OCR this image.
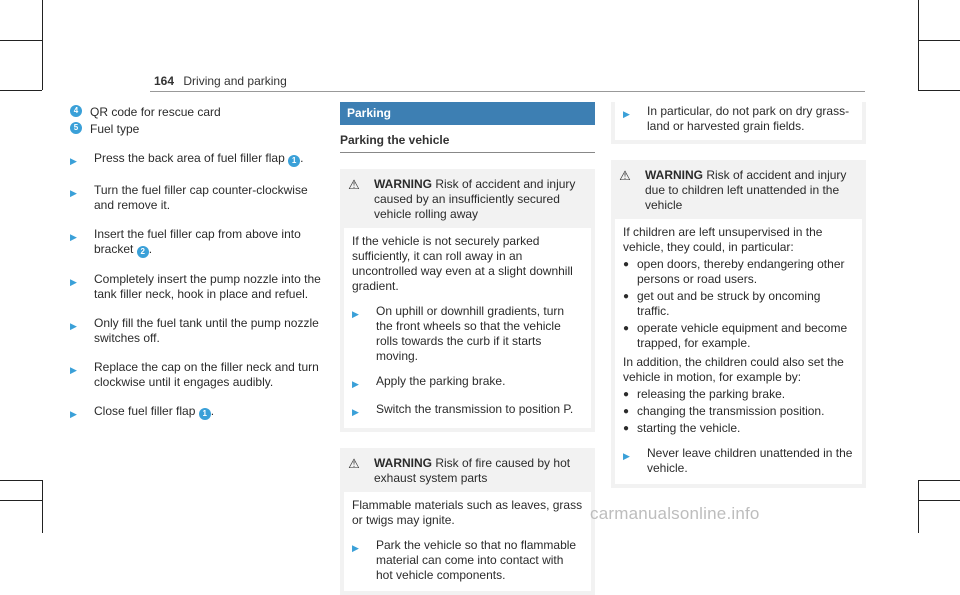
164 Driving and parking
4 QR code for rescue card
5 Fuel type
▶	Press the back area of fuel filler flap 1 .
▶	Turn the fuel filler cap counter-clockwise and remove it.
▶	Insert the fuel filler cap from above into bracket 2 .
▶	Completely insert the pump nozzle into the tank filler neck, hook in place and refuel.
▶	Only fill the fuel tank until the pump nozzle switches off.
▶	Replace the cap on the filler neck and turn clockwise until it engages audibly.
▶	Close fuel filler flap 1 .
Parking
Parking the vehicle
⚠	WARNING Risk of accident and injury caused by an insufficiently secured vehicle rolling away
If the vehicle is not securely parked sufficiently, it can roll away in an uncontrolled way even at a slight downhill gradient.
▶	On uphill or downhill gradients, turn the front wheels so that the vehicle rolls towards the curb if it starts moving.
▶	Apply the parking brake.
▶	Switch the transmission to position P.
⚠	WARNING Risk of fire caused by hot exhaust system parts
Flammable materials such as leaves, grass or twigs may ignite.
▶	Park the vehicle so that no flammable material can come into contact with hot vehicle components.
▶	In particular, do not park on dry grass-land or harvested grain fields.
⚠	WARNING Risk of accident and injury due to children left unattended in the vehicle
If children are left unsupervised in the vehicle, they could, in particular:
● open doors, thereby endangering other persons or road users.
● get out and be struck by oncoming traffic.
● operate vehicle equipment and become trapped, for example.
In addition, the children could also set the vehicle in motion, for example by:
● releasing the parking brake.
● changing the transmission position.
● starting the vehicle.
▶	Never leave children unattended in the vehicle.
carmanualsonline.info
